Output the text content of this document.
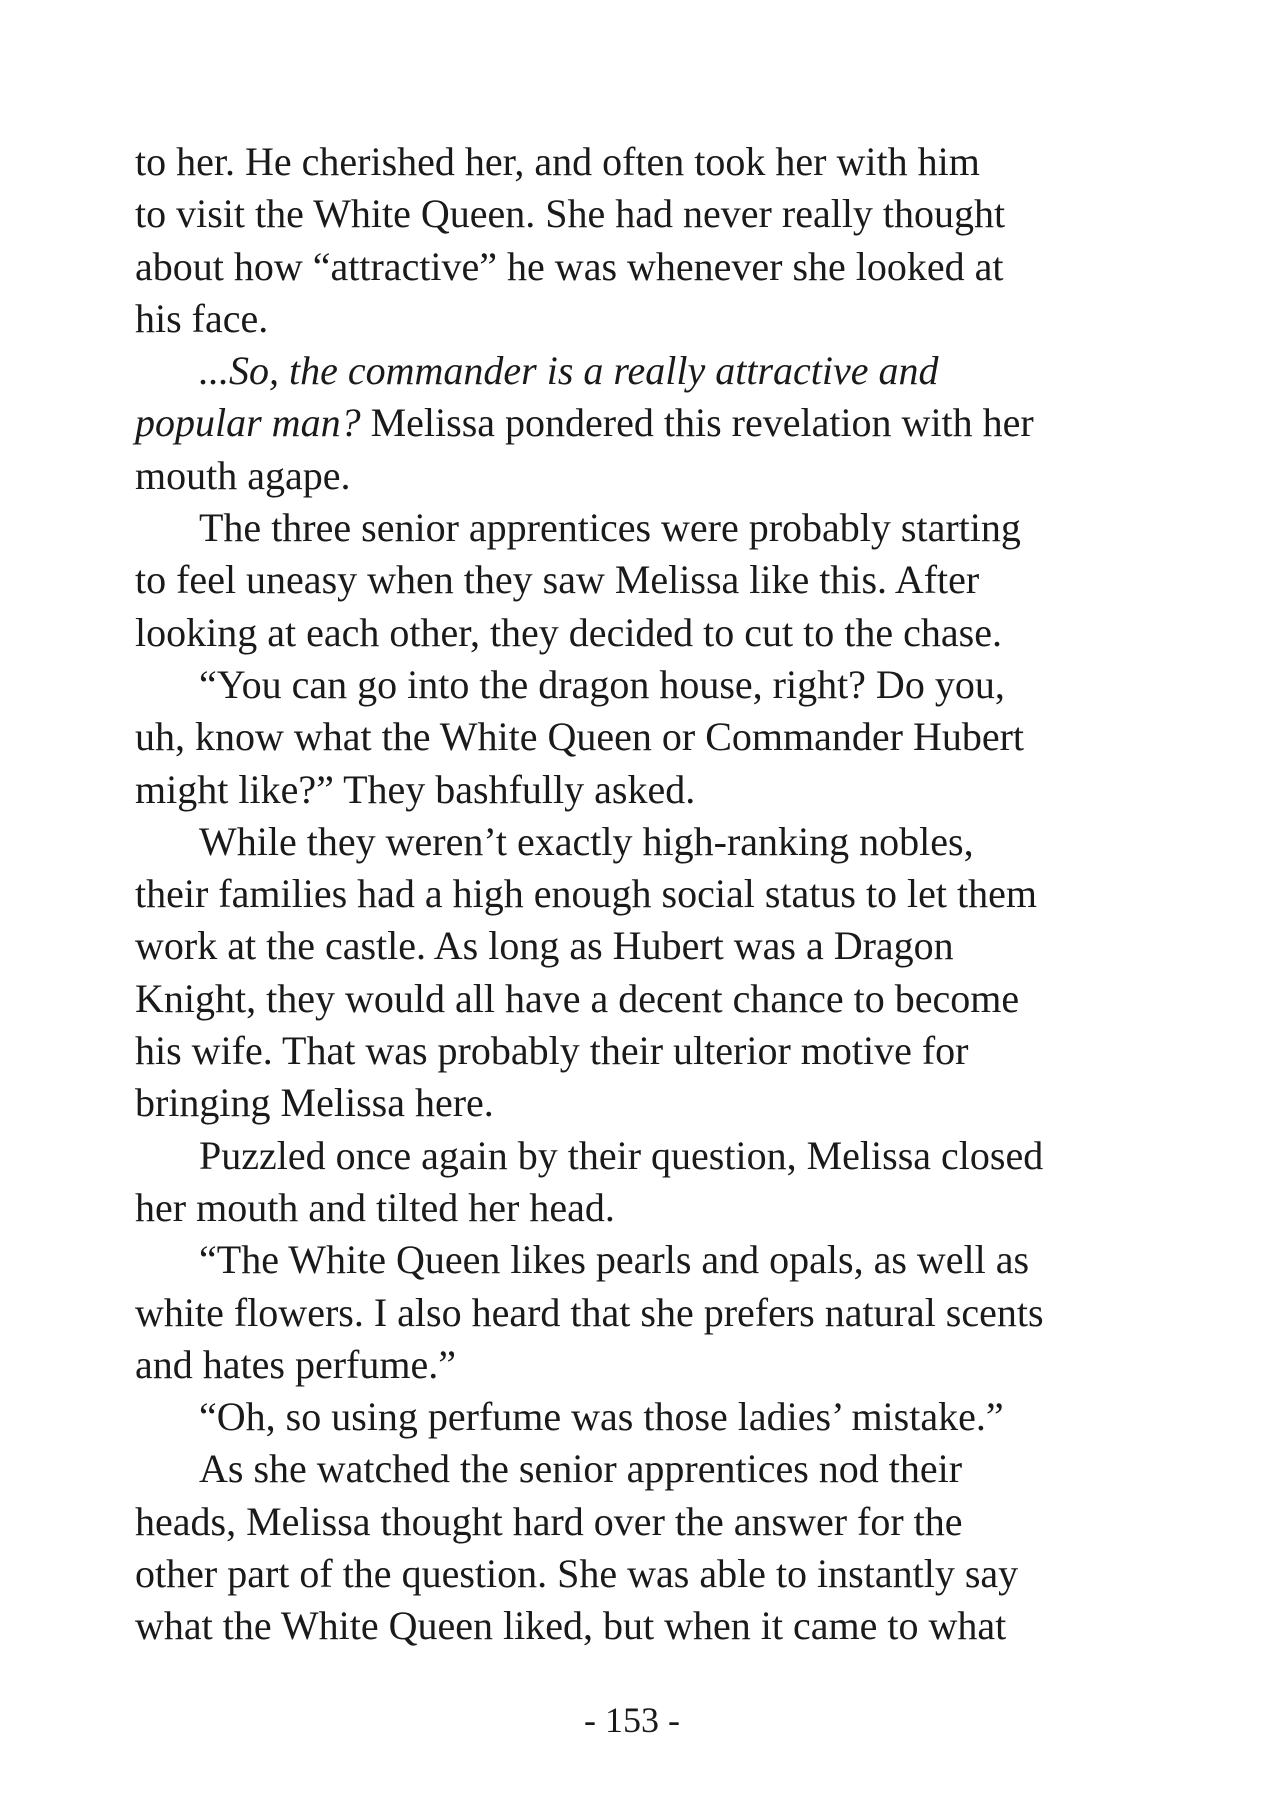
to her. He cherished her, and often took her with him
to visit the White Queen. She had never really thought
about how “attractive” he was whenever she looked at
his face.
...So, the commander is a really attractive and
popular man? Melissa pondered this revelation with her
mouth agape.
The three senior apprentices were probably starting
to feel uneasy when they saw Melissa like this. After
looking at each other, they decided to cut to the chase.
“You can go into the dragon house, right? Do you,
uh, know what the White Queen or Commander Hubert
might like?” They bashfully asked.
While they weren’t exactly high-ranking nobles,
their families had a high enough social status to let them
work at the castle. As long as Hubert was a Dragon
Knight, they would all have a decent chance to become
his wife. That was probably their ulterior motive for
bringing Melissa here.
Puzzled once again by their question, Melissa closed
her mouth and tilted her head.
“The White Queen likes pearls and opals, as well as
white flowers. I also heard that she prefers natural scents
and hates perfume.”
“Oh, so using perfume was those ladies’ mistake.”
As she watched the senior apprentices nod their
heads, Melissa thought hard over the answer for the
other part of the question. She was able to instantly say
what the White Queen liked, but when it came to what
- 153 -
